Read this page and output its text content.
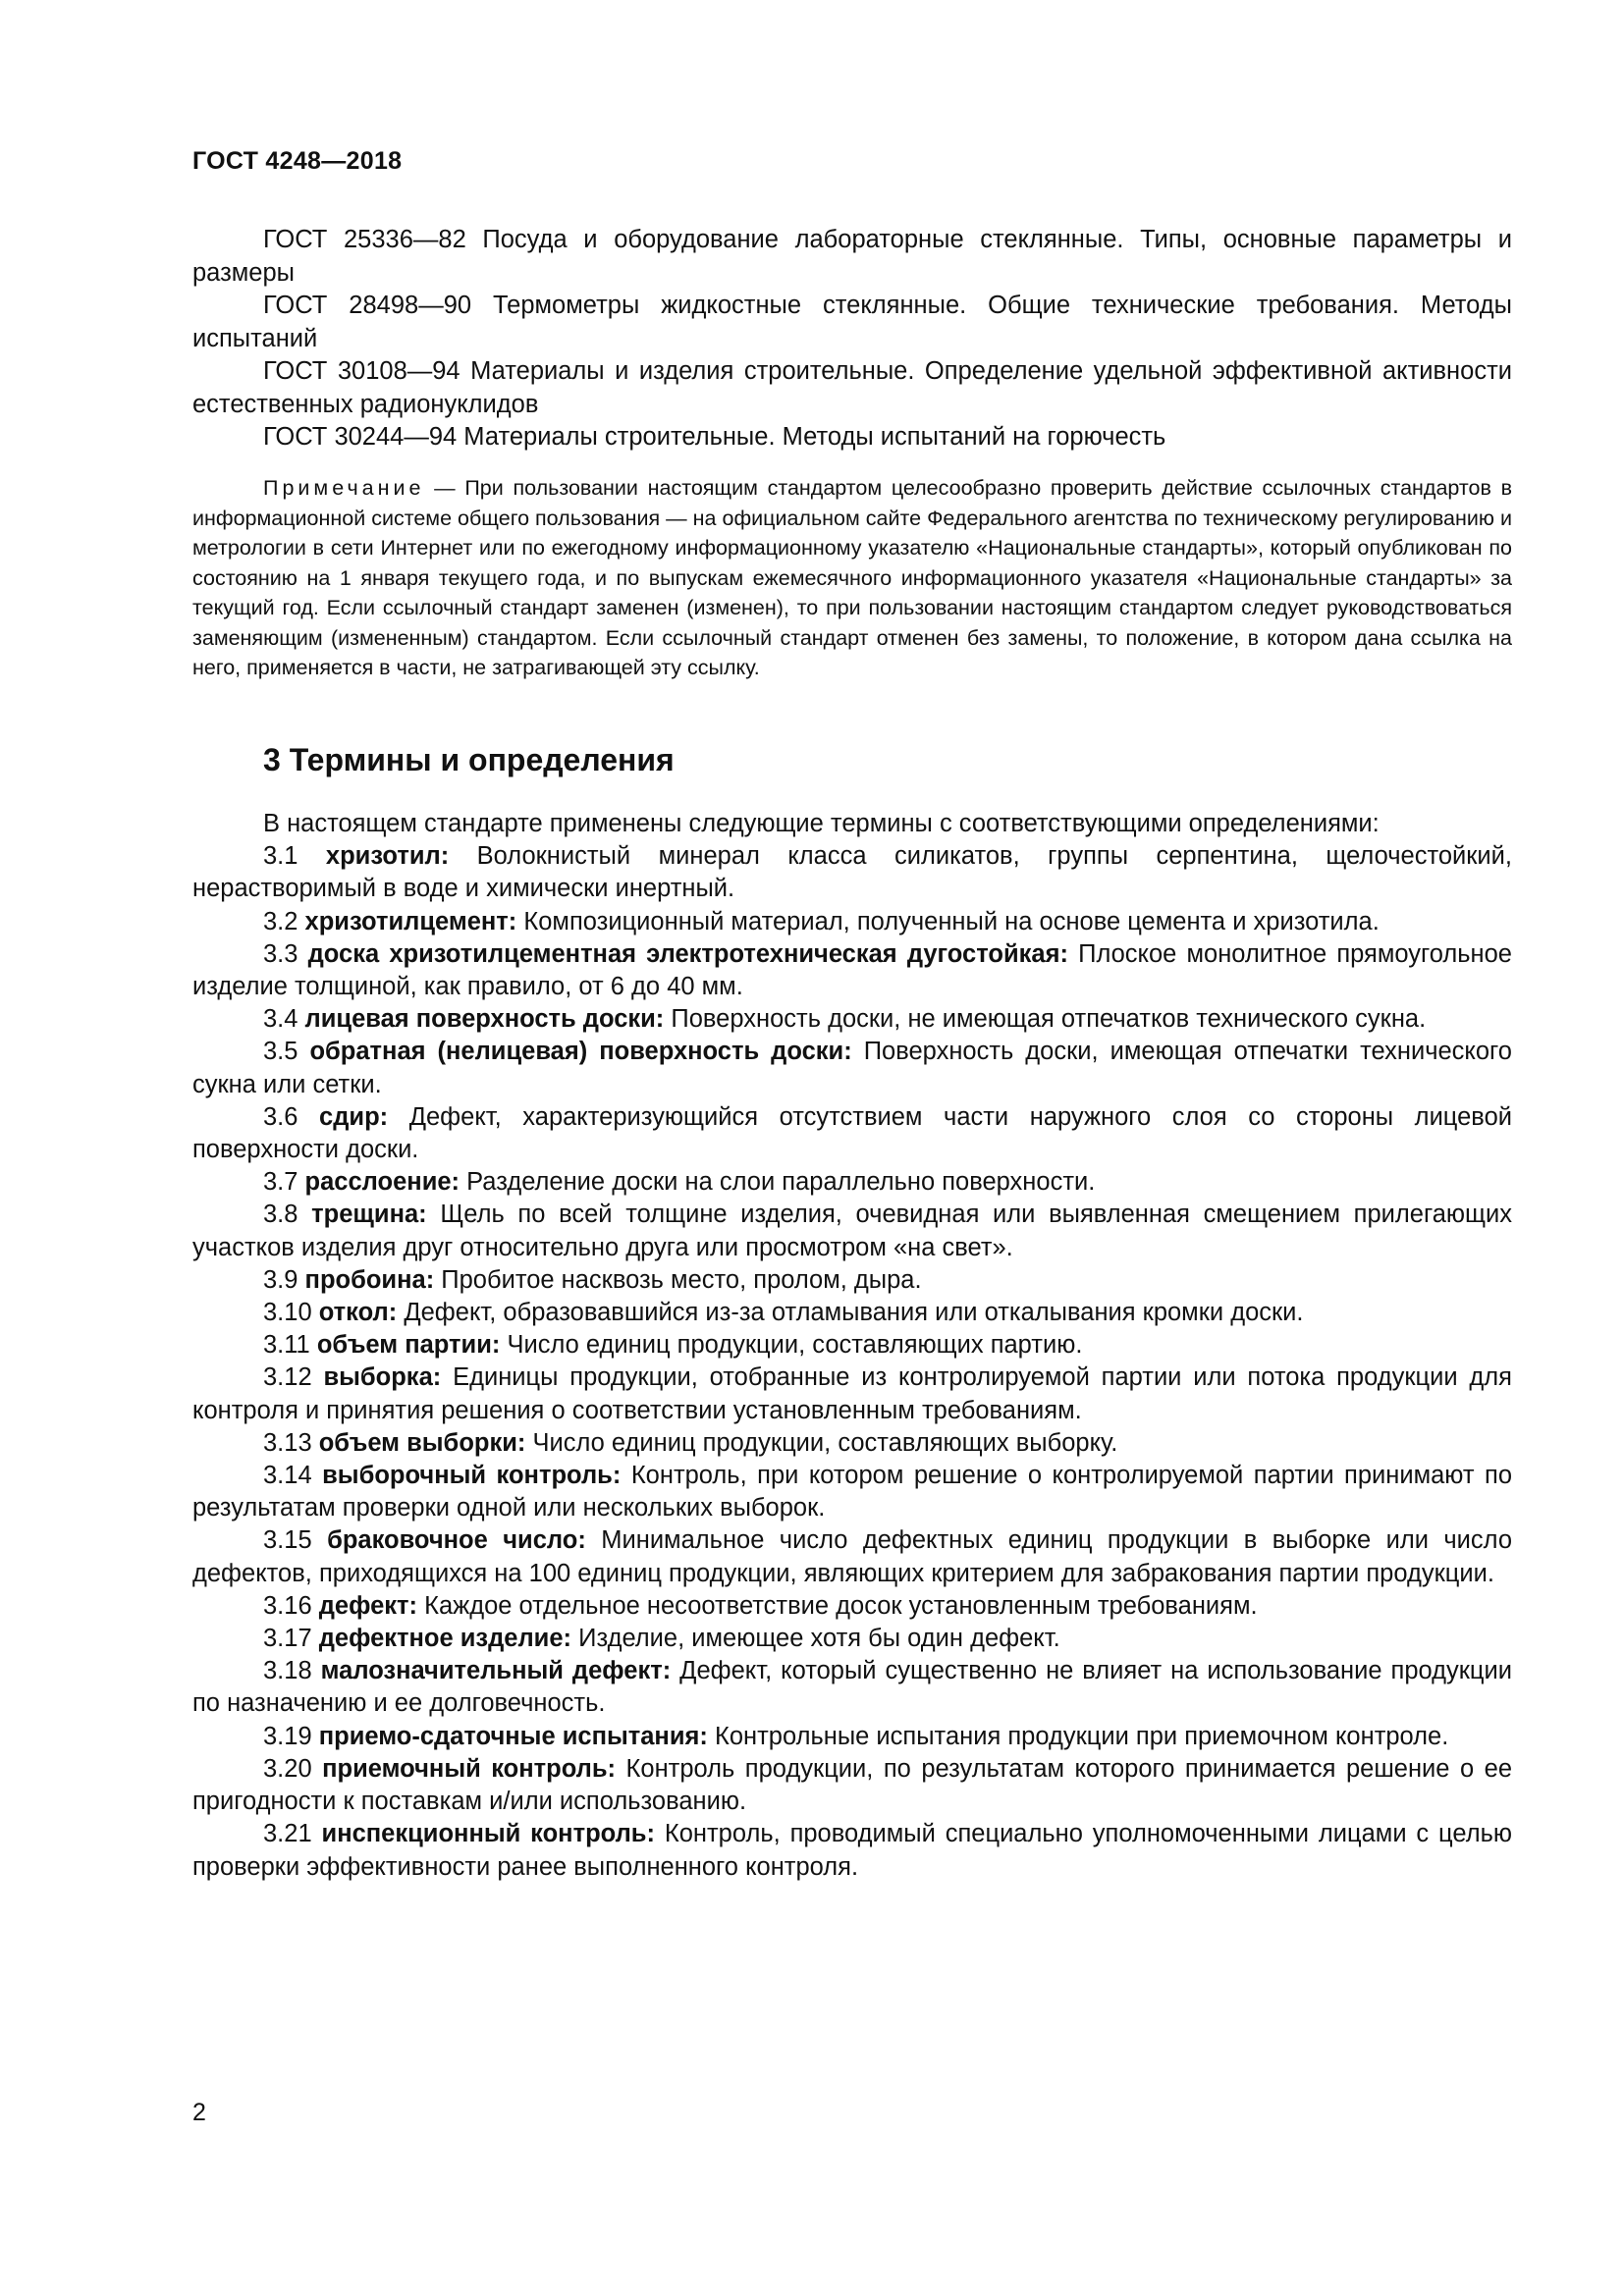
ГОСТ 4248—2018

ГОСТ 25336—82 Посуда и оборудование лабораторные стеклянные. Типы, основные параметры и размеры

ГОСТ 28498—90 Термометры жидкостные стеклянные. Общие технические требования. Методы испытаний

ГОСТ 30108—94 Материалы и изделия строительные. Определение удельной эффективной активности естественных радионуклидов

ГОСТ 30244—94 Материалы строительные. Методы испытаний на горючесть

Примечание — При пользовании настоящим стандартом целесообразно проверить действие ссылочных стандартов в информационной системе общего пользования — на официальном сайте Федерального агентства по техническому регулированию и метрологии в сети Интернет или по ежегодному информационному указателю «Национальные стандарты», который опубликован по состоянию на 1 января текущего года, и по выпускам ежемесячного информационного указателя «Национальные стандарты» за текущий год. Если ссылочный стандарт заменен (изменен), то при пользовании настоящим стандартом следует руководствоваться заменяющим (измененным) стандартом. Если ссылочный стандарт отменен без замены, то положение, в котором дана ссылка на него, применяется в части, не затрагивающей эту ссылку.
3 Термины и определения

В настоящем стандарте применены следующие термины с соответствующими определениями:

3.1 хризотил: Волокнистый минерал класса силикатов, группы серпентина, щелочестойкий, нерастворимый в воде и химически инертный.

3.2 хризотилцемент: Композиционный материал, полученный на основе цемента и хризотила.

3.3 доска хризотилцементная электротехническая дугостойкая: Плоское монолитное прямоугольное изделие толщиной, как правило, от 6 до 40 мм.

3.4 лицевая поверхность доски: Поверхность доски, не имеющая отпечатков технического сукна.

3.5 обратная (нелицевая) поверхность доски: Поверхность доски, имеющая отпечатки технического сукна или сетки.

3.6 сдир: Дефект, характеризующийся отсутствием части наружного слоя со стороны лицевой поверхности доски.

3.7 расслоение: Разделение доски на слои параллельно поверхности.

3.8 трещина: Щель по всей толщине изделия, очевидная или выявленная смещением прилегающих участков изделия друг относительно друга или просмотром «на свет».

3.9 пробоина: Пробитое насквозь место, пролом, дыра.

3.10 откол: Дефект, образовавшийся из-за отламывания или откалывания кромки доски.

3.11 объем партии: Число единиц продукции, составляющих партию.

3.12 выборка: Единицы продукции, отобранные из контролируемой партии или потока продукции для контроля и принятия решения о соответствии установленным требованиям.

3.13 объем выборки: Число единиц продукции, составляющих выборку.

3.14 выборочный контроль: Контроль, при котором решение о контролируемой партии принимают по результатам проверки одной или нескольких выборок.

3.15 браковочное число: Минимальное число дефектных единиц продукции в выборке или число дефектов, приходящихся на 100 единиц продукции, являющих критерием для забракования партии продукции.

3.16 дефект: Каждое отдельное несоответствие досок установленным требованиям.

3.17 дефектное изделие: Изделие, имеющее хотя бы один дефект.

3.18 малозначительный дефект: Дефект, который существенно не влияет на использование продукции по назначению и ее долговечность.

3.19 приемо-сдаточные испытания: Контрольные испытания продукции при приемочном контроле.

3.20 приемочный контроль: Контроль продукции, по результатам которого принимается решение о ее пригодности к поставкам и/или использованию.

3.21 инспекционный контроль: Контроль, проводимый специально уполномоченными лицами с целью проверки эффективности ранее выполненного контроля.

2
